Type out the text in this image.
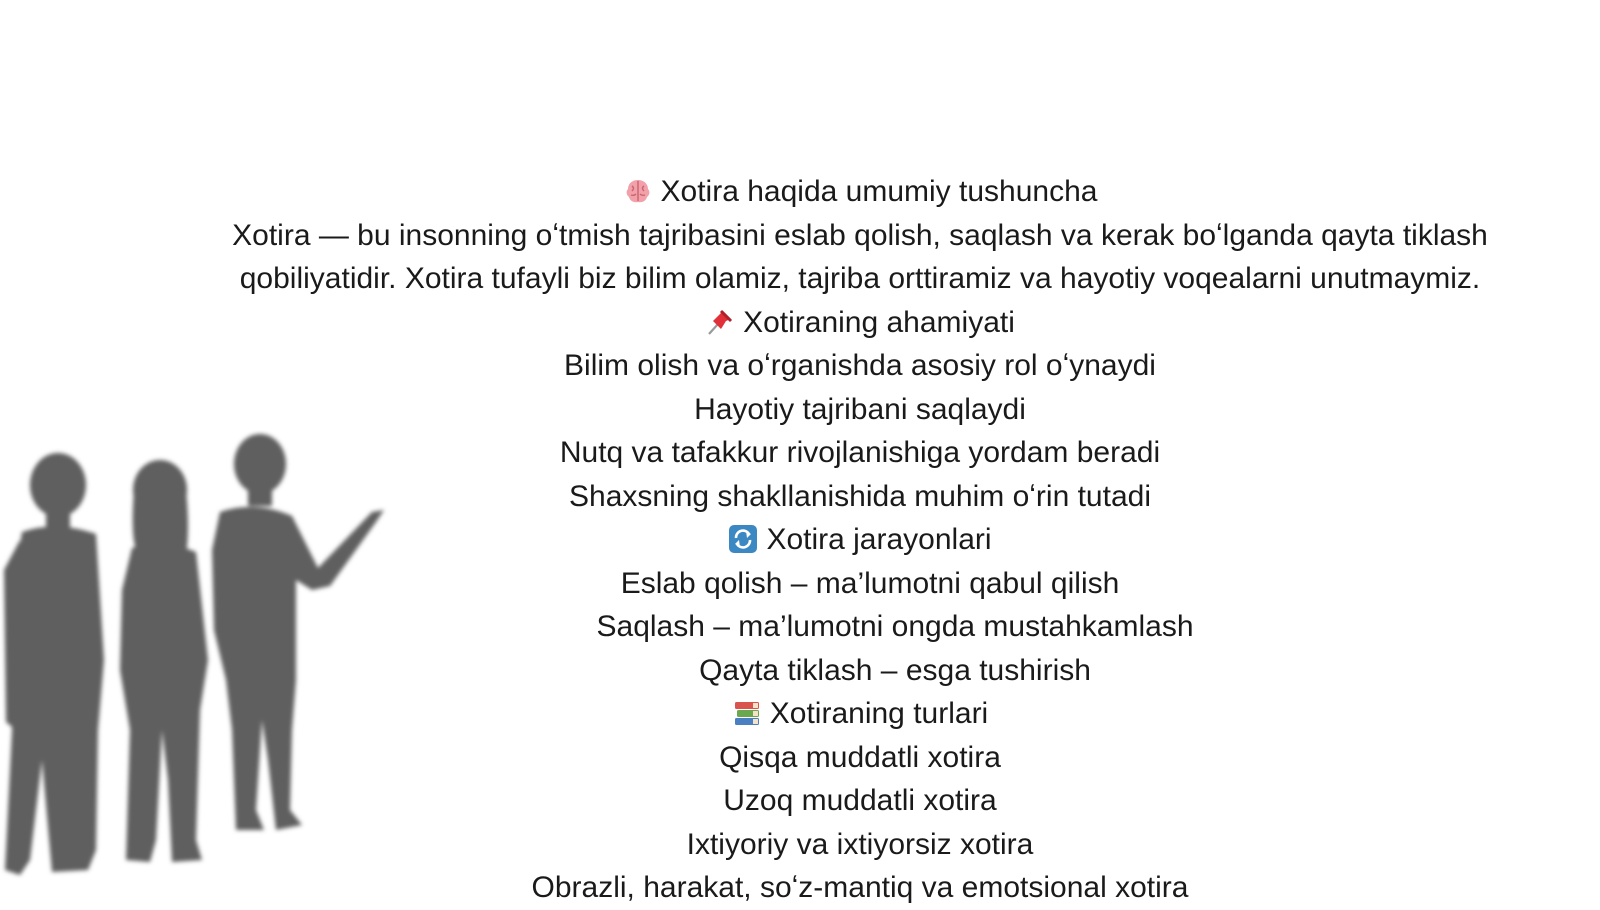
Xotira haqida umumiy tushuncha
Xotira — bu insonning oʻtmish tajribasini eslab qolish, saqlash va kerak boʻlganda qayta tiklash
qobiliyatidir. Xotira tufayli biz bilim olamiz, tajriba orttiramiz va hayotiy voqealarni unutmaymiz.
Xotiraning ahamiyati
Bilim olish va oʻrganishda asosiy rol oʻynaydi
Hayotiy tajribani saqlaydi
Nutq va tafakkur rivojlanishiga yordam beradi
Shaxsning shakllanishida muhim oʻrin tutadi
Xotira jarayonlari
Eslab qolish – ma’lumotni qabul qilish
Saqlash – ma’lumotni ongda mustahkamlash
Qayta tiklash – esga tushirish
Xotiraning turlari
Qisqa muddatli xotira
Uzoq muddatli xotira
Ixtiyoriy va ixtiyorsiz xotira
Obrazli, harakat, soʻz-mantiq va emotsional xotira
